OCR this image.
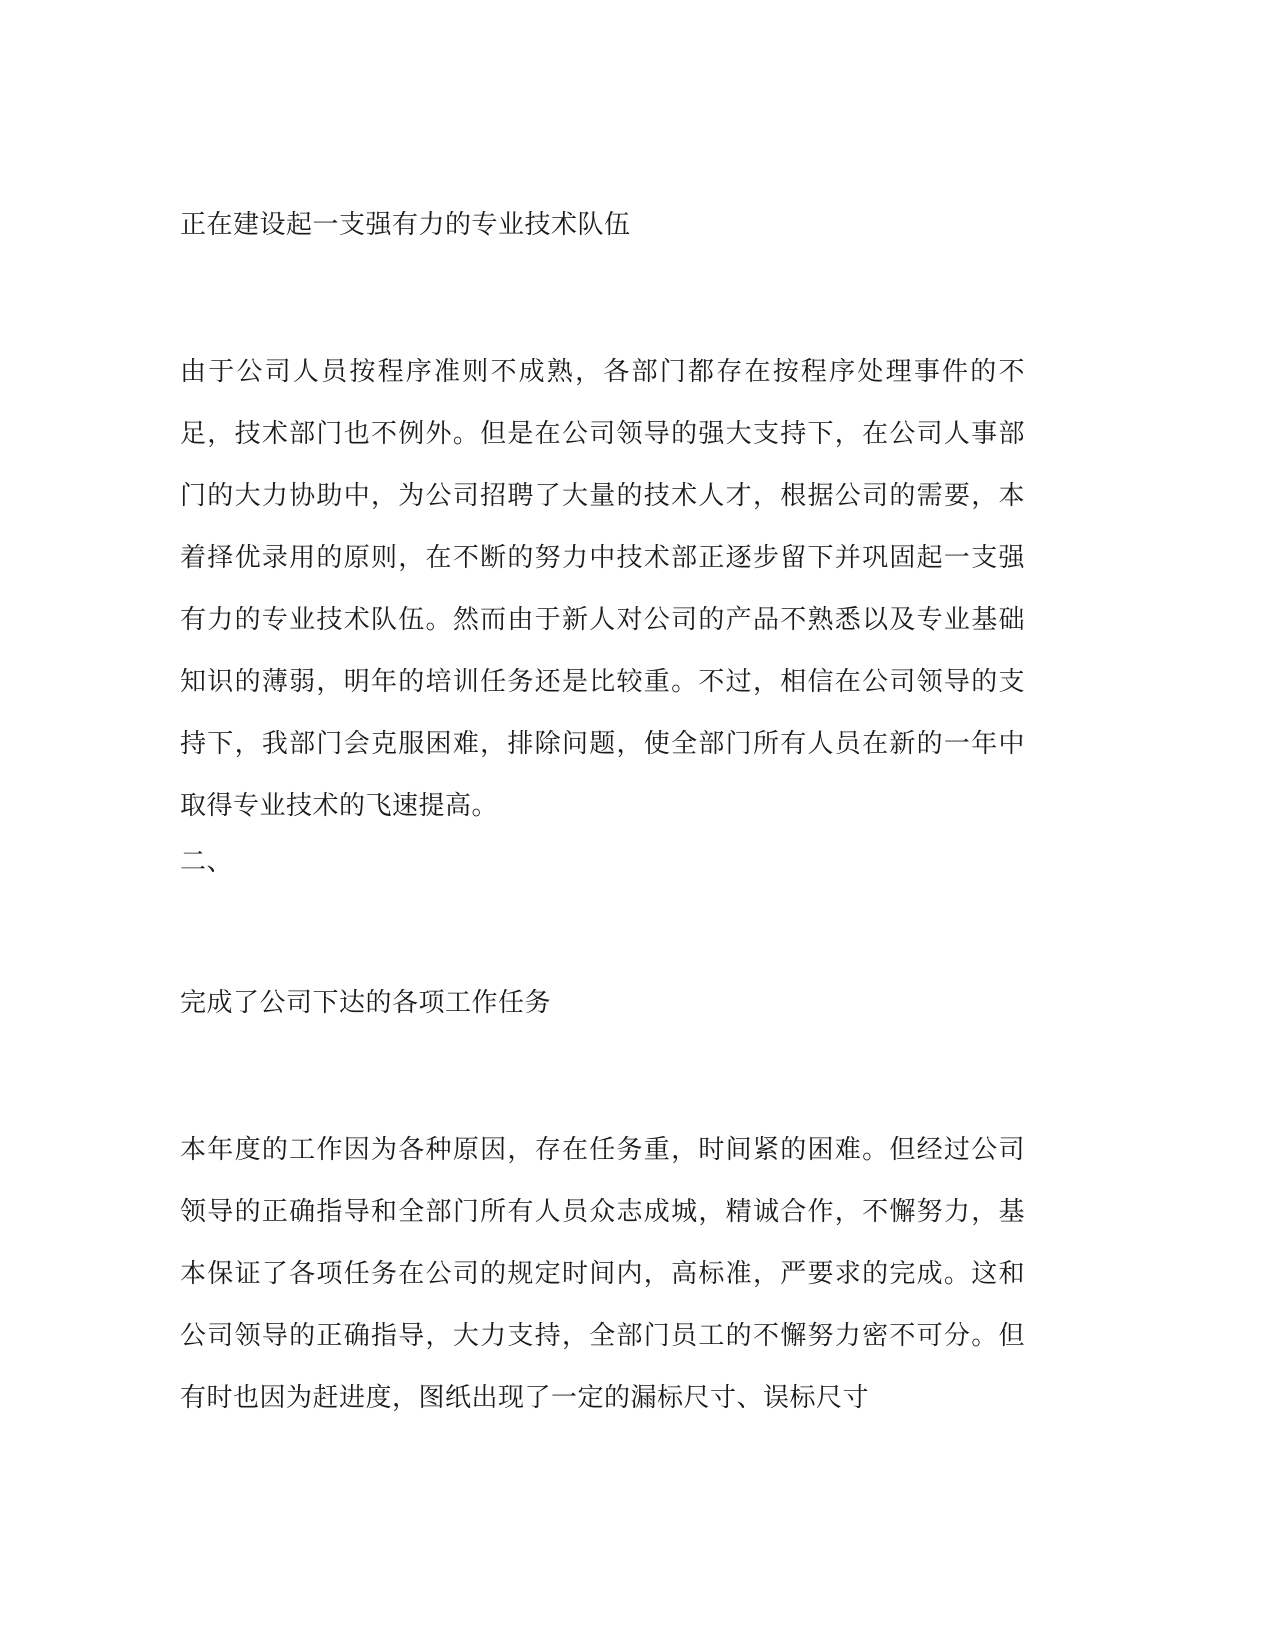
正在建设起一支强有力的专业技术队伍

由于公司人员按程序准则不成熟，各部门都存在按程序处理事件的不足，技术部门也不例外。但是在公司领导的强大支持下，在公司人事部门的大力协助中，为公司招聘了大量的技术人才，根据公司的需要，本着择优录用的原则，在不断的努力中技术部正逐步留下并巩固起一支强有力的专业技术队伍。然而由于新人对公司的产品不熟悉以及专业基础知识的薄弱，明年的培训任务还是比较重。不过，相信在公司领导的支持下，我部门会克服困难，排除问题，使全部门所有人员在新的一年中取得专业技术的飞速提高。

二、

完成了公司下达的各项工作任务

本年度的工作因为各种原因，存在任务重，时间紧的困难。但经过公司领导的正确指导和全部门所有人员众志成城，精诚合作，不懈努力，基本保证了各项任务在公司的规定时间内，高标准，严要求的完成。这和公司领导的正确指导，大力支持，全部门员工的不懈努力密不可分。但有时也因为赶进度，图纸出现了一定的漏标尺寸、误标尺寸
